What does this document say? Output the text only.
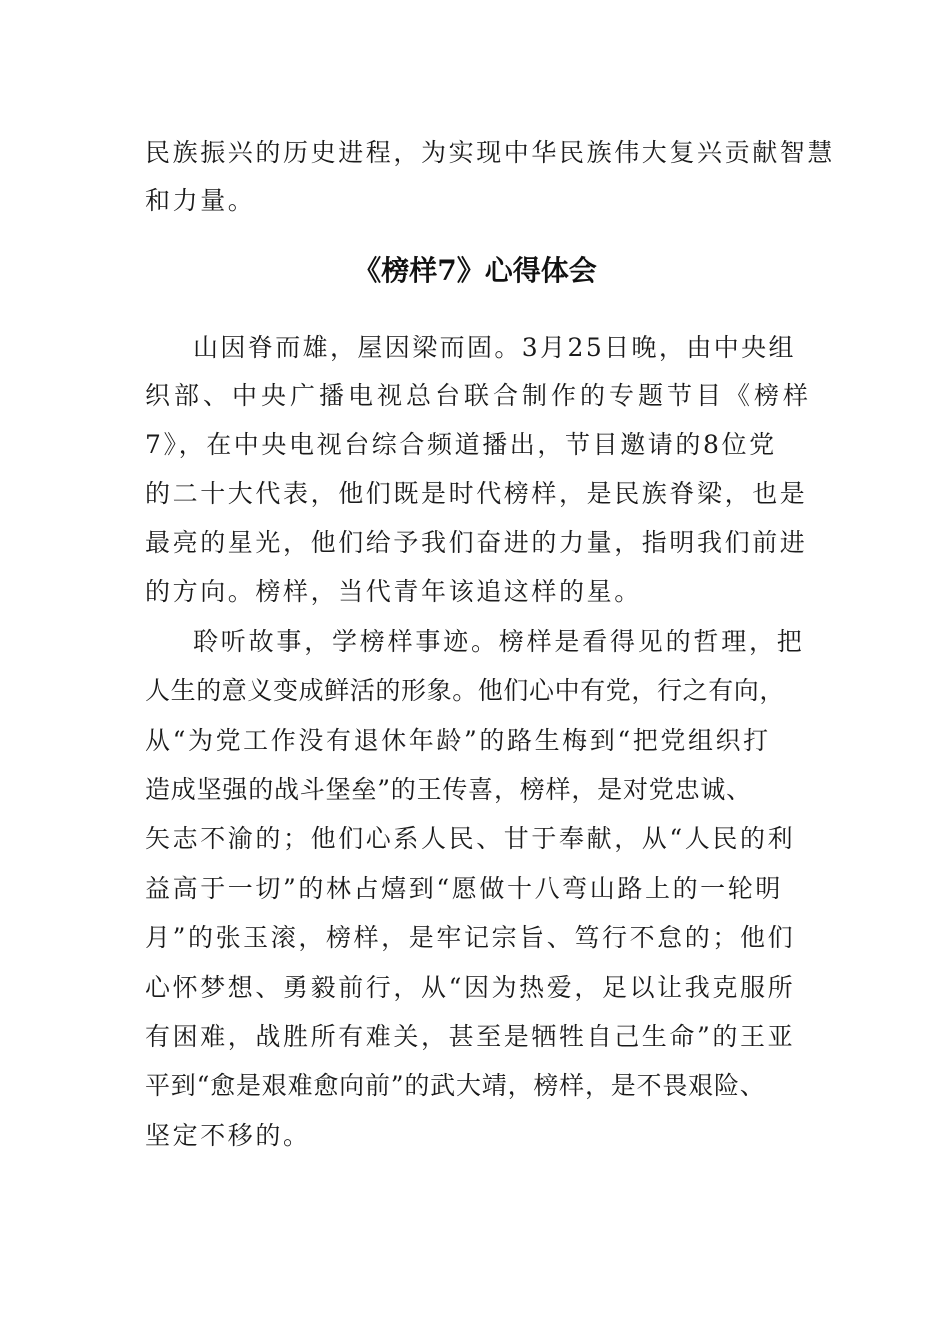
民族振兴的历史进程，为实现中华民族伟大复兴贡献智慧
和力量。
《榜样7》心得体会
山因脊而雄，屋因梁而固。3月25日晚，由中央组
织部、中央广播电视总台联合制作的专题节目《榜样
7》，在中央电视台综合频道播出，节目邀请的8位党
的二十大代表，他们既是时代榜样，是民族脊梁，也是
最亮的星光，他们给予我们奋进的力量，指明我们前进
的方向。榜样，当代青年该追这样的星。
聆听故事，学榜样事迹。榜样是看得见的哲理，把
人生的意义变成鲜活的形象。他们心中有党，行之有向，
从“为党工作没有退休年龄”的路生梅到“把党组织打
造成坚强的战斗堡垒”的王传喜，榜样，是对党忠诚、
矢志不渝的；他们心系人民、甘于奉献，从“人民的利
益高于一切”的林占熺到“愿做十八弯山路上的一轮明
月”的张玉滚，榜样，是牢记宗旨、笃行不怠的；他们
心怀梦想、勇毅前行，从“因为热爱，足以让我克服所
有困难，战胜所有难关，甚至是牺牲自己生命”的王亚
平到“愈是艰难愈向前”的武大靖，榜样，是不畏艰险、
坚定不移的。
